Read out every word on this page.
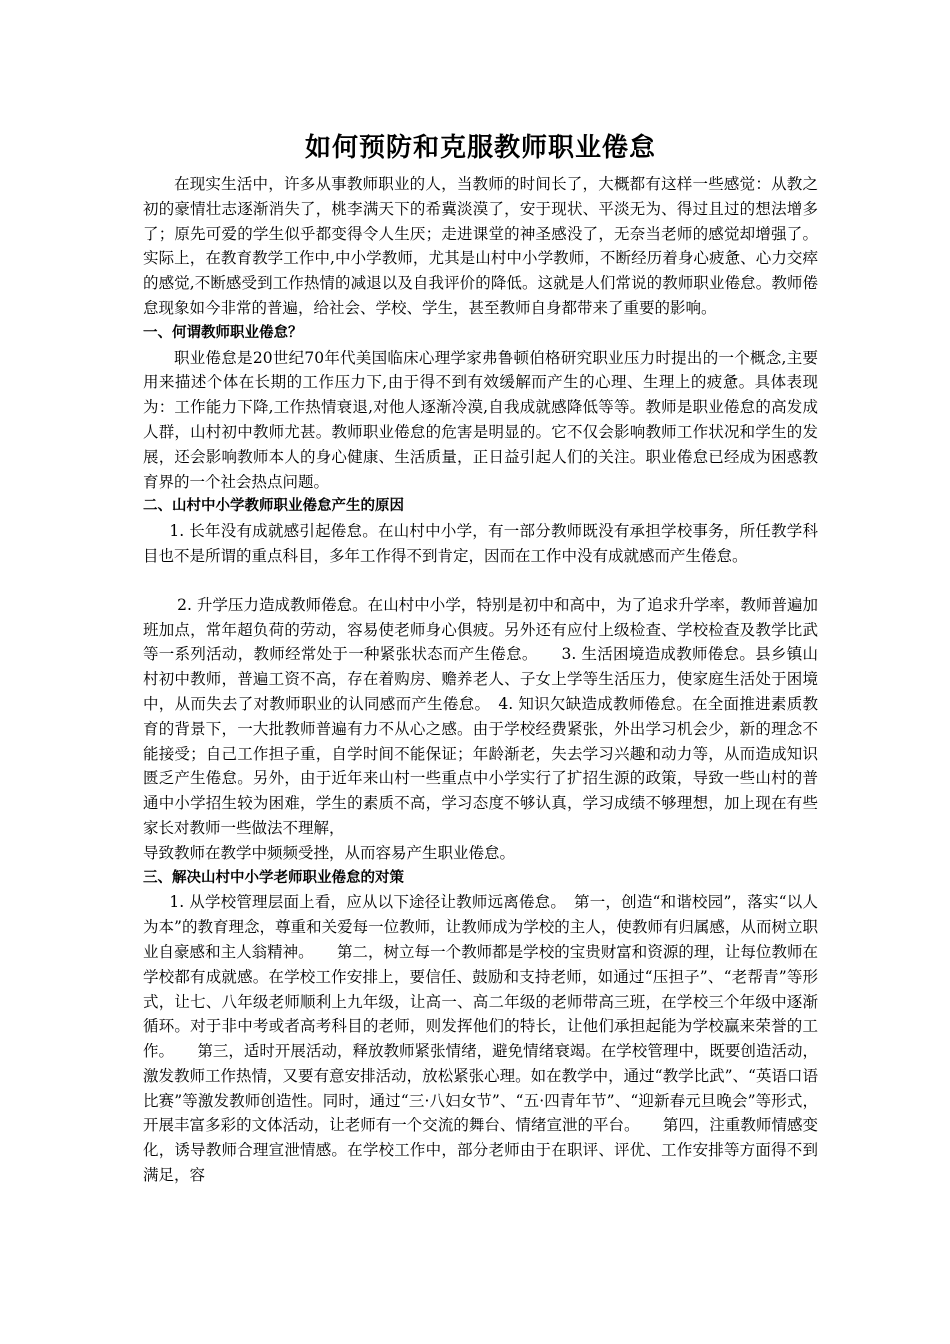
如何预防和克服教师职业倦怠

在现实生活中，许多从事教师职业的人，当教师的时间长了，大概都有这样一些感觉：从教之初的豪情壮志逐渐消失了，桃李满天下的希冀淡漠了，安于现状、平淡无为、得过且过的想法增多了；原先可爱的学生似乎都变得令人生厌；走进课堂的神圣感没了，无奈当老师的感觉却增强了。实际上，在教育教学工作中,中小学教师，尤其是山村中小学教师，不断经历着身心疲惫、心力交瘁的感觉,不断感受到工作热情的减退以及自我评价的降低。这就是人们常说的教师职业倦怠。教师倦怠现象如今非常的普遍，给社会、学校、学生，甚至教师自身都带来了重要的影响。

一、何谓教师职业倦怠？

职业倦怠是20世纪70年代美国临床心理学家弗鲁顿伯格研究职业压力时提出的一个概念,主要用来描述个体在长期的工作压力下,由于得不到有效缓解而产生的心理、生理上的疲惫。具体表现为：工作能力下降,工作热情衰退,对他人逐渐冷漠,自我成就感降低等等。教师是职业倦怠的高发成人群，山村初中教师尤甚。教师职业倦怠的危害是明显的。它不仅会影响教师工作状况和学生的发展，还会影响教师本人的身心健康、生活质量，正日益引起人们的关注。职业倦怠已经成为困惑教育界的一个社会热点问题。

二、山村中小学教师职业倦怠产生的原因

1. 长年没有成就感引起倦怠。在山村中小学，有一部分教师既没有承担学校事务，所任教学科目也不是所谓的重点科目，多年工作得不到肯定，因而在工作中没有成就感而产生倦怠。

2. 升学压力造成教师倦怠。在山村中小学，特别是初中和高中，为了追求升学率，教师普遍加班加点，常年超负荷的劳动，容易使老师身心俱疲。另外还有应付上级检查、学校检查及教学比武等一系列活动，教师经常处于一种紧张状态而产生倦怠。　　3. 生活困境造成教师倦怠。县乡镇山村初中教师，普遍工资不高，存在着购房、赡养老人、子女上学等生活压力，使家庭生活处于困境中，从而失去了对教师职业的认同感而产生倦怠。　4. 知识欠缺造成教师倦怠。在全面推进素质教育的背景下，一大批教师普遍有力不从心之感。由于学校经费紧张，外出学习机会少，新的理念不能接受；自己工作担子重，自学时间不能保证；年龄渐老，失去学习兴趣和动力等，从而造成知识匮乏产生倦怠。另外，由于近年来山村一些重点中小学实行了扩招生源的政策，导致一些山村的普通中小学招生较为困难，学生的素质不高，学习态度不够认真，学习成绩不够理想，加上现在有些家长对教师一些做法不理解，

导致教师在教学中频频受挫，从而容易产生职业倦怠。

三、解决山村中小学老师职业倦怠的对策

1. 从学校管理层面上看，应从以下途径让教师远离倦怠。　第一，创造“和谐校园”，落实“以人为本”的教育理念，尊重和关爱每一位教师，让教师成为学校的主人，使教师有归属感，从而树立职业自豪感和主人翁精神。　　第二，树立每一个教师都是学校的宝贵财富和资源的理，让每位教师在学校都有成就感。在学校工作安排上，要信任、鼓励和支持老师，如通过“压担子”、“老帮青”等形式，让七、八年级老师顺利上九年级，让高一、高二年级的老师带高三班，在学校三个年级中逐渐循环。对于非中考或者高考科目的老师，则发挥他们的特长，让他们承担起能为学校赢来荣誉的工作。　　第三，适时开展活动，释放教师紧张情绪，避免情绪衰竭。在学校管理中，既要创造活动，激发教师工作热情，又要有意安排活动，放松紧张心理。如在教学中，通过“教学比武”、“英语口语比赛”等激发教师创造性。同时，通过“三·八妇女节”、“五·四青年节”、“迎新春元旦晚会”等形式，开展丰富多彩的文体活动，让老师有一个交流的舞台、情绪宣泄的平台。　　第四，注重教师情感变化，诱导教师合理宣泄情感。在学校工作中，部分老师由于在职评、评优、工作安排等方面得不到满足，容
